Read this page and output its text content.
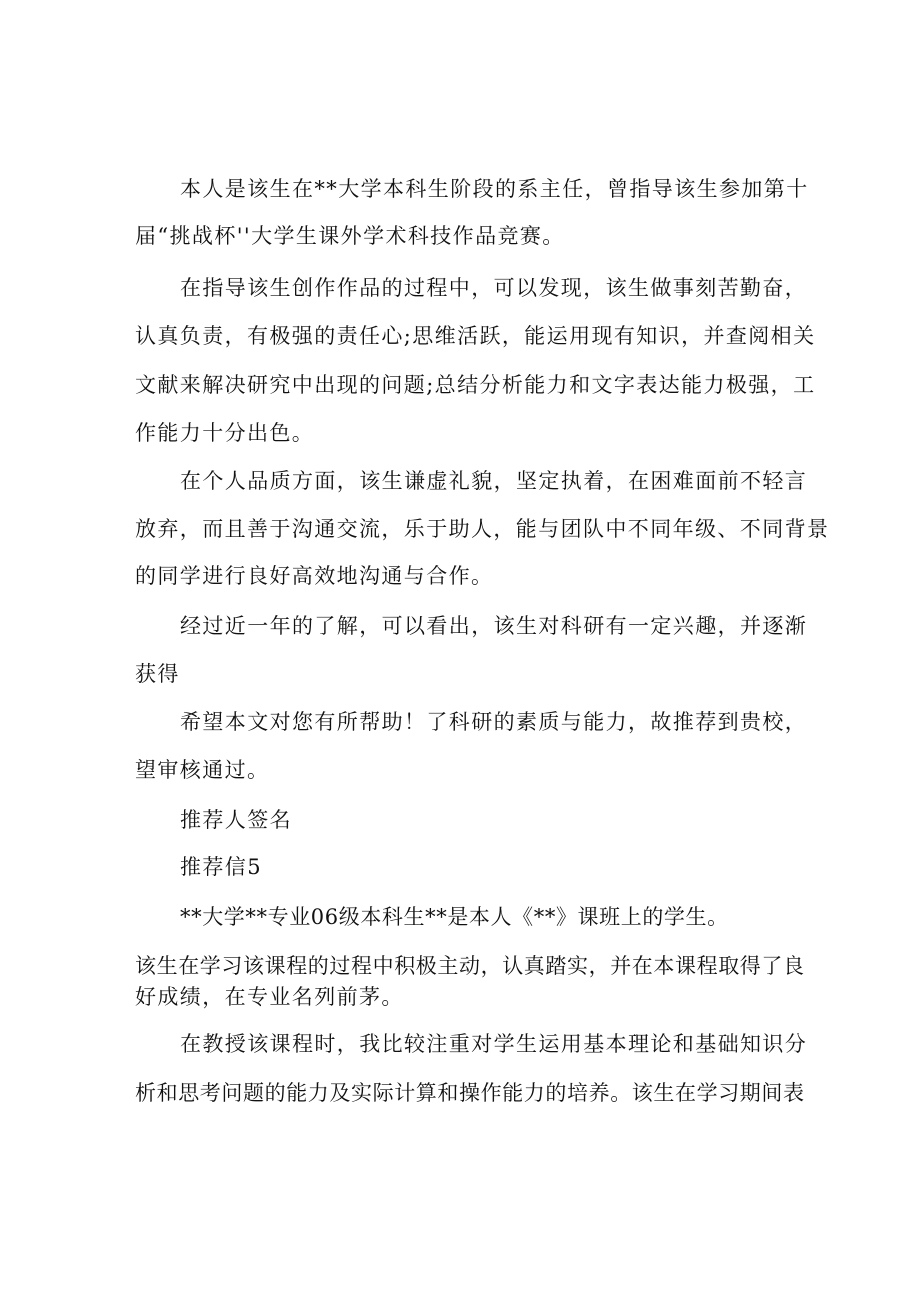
本人是该生在**大学本科生阶段的系主任，曾指导该生参加第十
届“挑战杯''大学生课外学术科技作品竞赛。
在指导该生创作作品的过程中，可以发现，该生做事刻苦勤奋，
认真负责，有极强的责任心;思维活跃，能运用现有知识，并查阅相关
文献来解决研究中出现的问题;总结分析能力和文字表达能力极强，工
作能力十分出色。
在个人品质方面，该生谦虚礼貌，坚定执着，在困难面前不轻言
放弃，而且善于沟通交流，乐于助人，能与团队中不同年级、不同背景
的同学进行良好高效地沟通与合作。
经过近一年的了解，可以看出，该生对科研有一定兴趣，并逐渐
获得
希望本文对您有所帮助！了科研的素质与能力，故推荐到贵校，
望审核通过。
推荐人签名
推荐信5
**大学**专业06级本科生**是本人《**》课班上的学生。
该生在学习该课程的过程中积极主动，认真踏实，并在本课程取得了良
好成绩，在专业名列前茅。
在教授该课程时，我比较注重对学生运用基本理论和基础知识分
析和思考问题的能力及实际计算和操作能力的培养。该生在学习期间表
